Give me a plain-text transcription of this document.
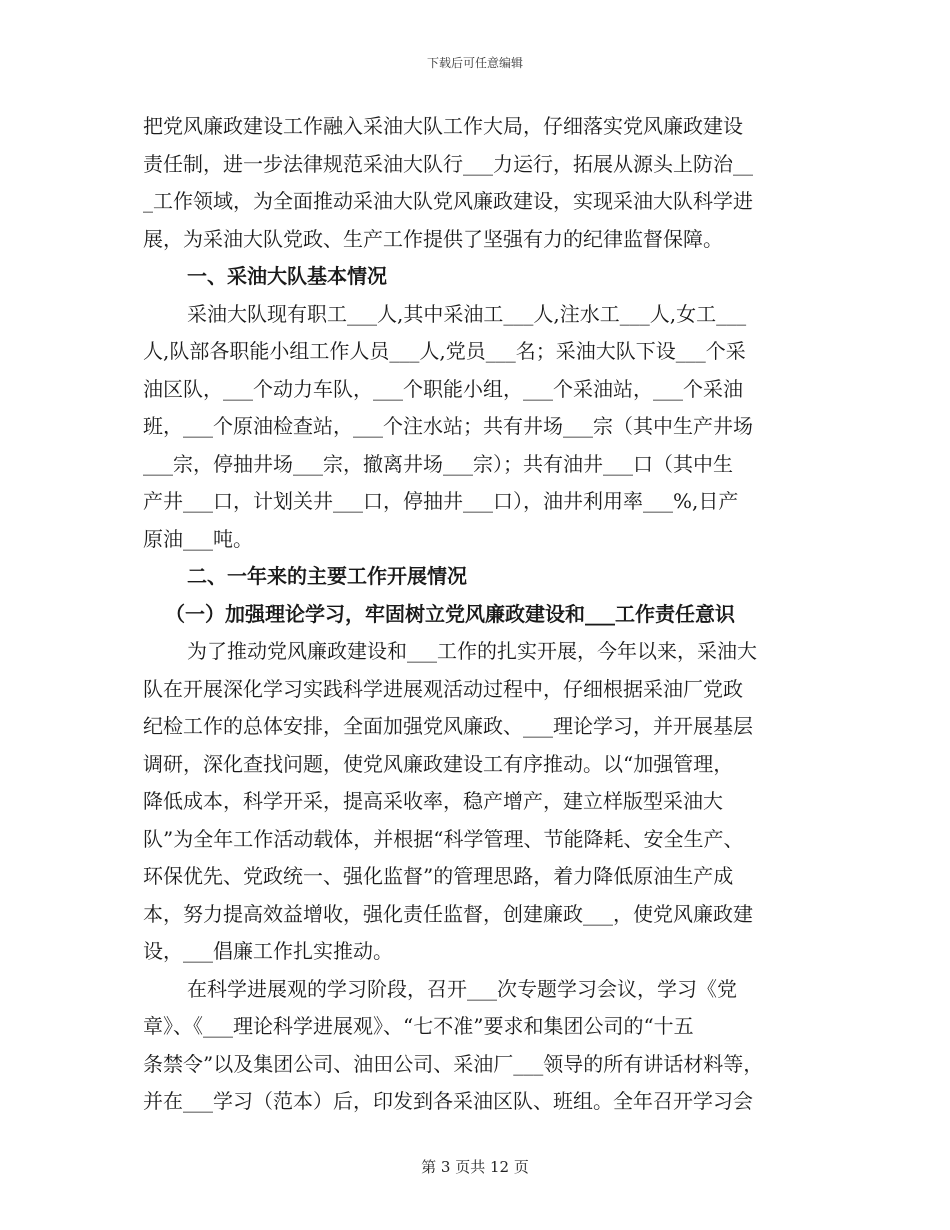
下载后可任意编辑
把党风廉政建设工作融入采油大队工作大局，仔细落实党风廉政建设
责任制，进一步法律规范采油大队行___力运行，拓展从源头上防治__
_工作领域，为全面推动采油大队党风廉政建设，实现采油大队科学进
展，为采油大队党政、生产工作提供了坚强有力的纪律监督保障。
一、采油大队基本情况
采油大队现有职工___人,其中采油工___人,注水工___人,女工___
人,队部各职能小组工作人员___人,党员___名；采油大队下设___个采
油区队，___个动力车队，___个职能小组，___个采油站，___个采油
班，___个原油检查站，___个注水站；共有井场___宗（其中生产井场
___宗，停抽井场___宗，撤离井场___宗）；共有油井___口（其中生
产井___口，计划关井___口，停抽井___口），油井利用率___%,日产
原油___吨。
二、一年来的主要工作开展情况
（一）加强理论学习，牢固树立党风廉政建设和___工作责任意识
为了推动党风廉政建设和___工作的扎实开展，今年以来，采油大
队在开展深化学习实践科学进展观活动过程中，仔细根据采油厂党政
纪检工作的总体安排，全面加强党风廉政、___理论学习，并开展基层
调研，深化查找问题，使党风廉政建设工有序推动。以“加强管理，
降低成本，科学开采，提高采收率，稳产增产，建立样版型采油大
队”为全年工作活动载体，并根据“科学管理、节能降耗、安全生产、
环保优先、党政统一、强化监督”的管理思路，着力降低原油生产成
本，努力提高效益增收，强化责任监督，创建廉政___，使党风廉政建
设，___倡廉工作扎实推动。
在科学进展观的学习阶段，召开___次专题学习会议，学习《党
章》、《___理论科学进展观》、“七不准”要求和集团公司的“十五
条禁令”以及集团公司、油田公司、采油厂___领导的所有讲话材料等，
并在___学习（范本）后，印发到各采油区队、班组。全年召开学习会
第 3 页共 12 页
